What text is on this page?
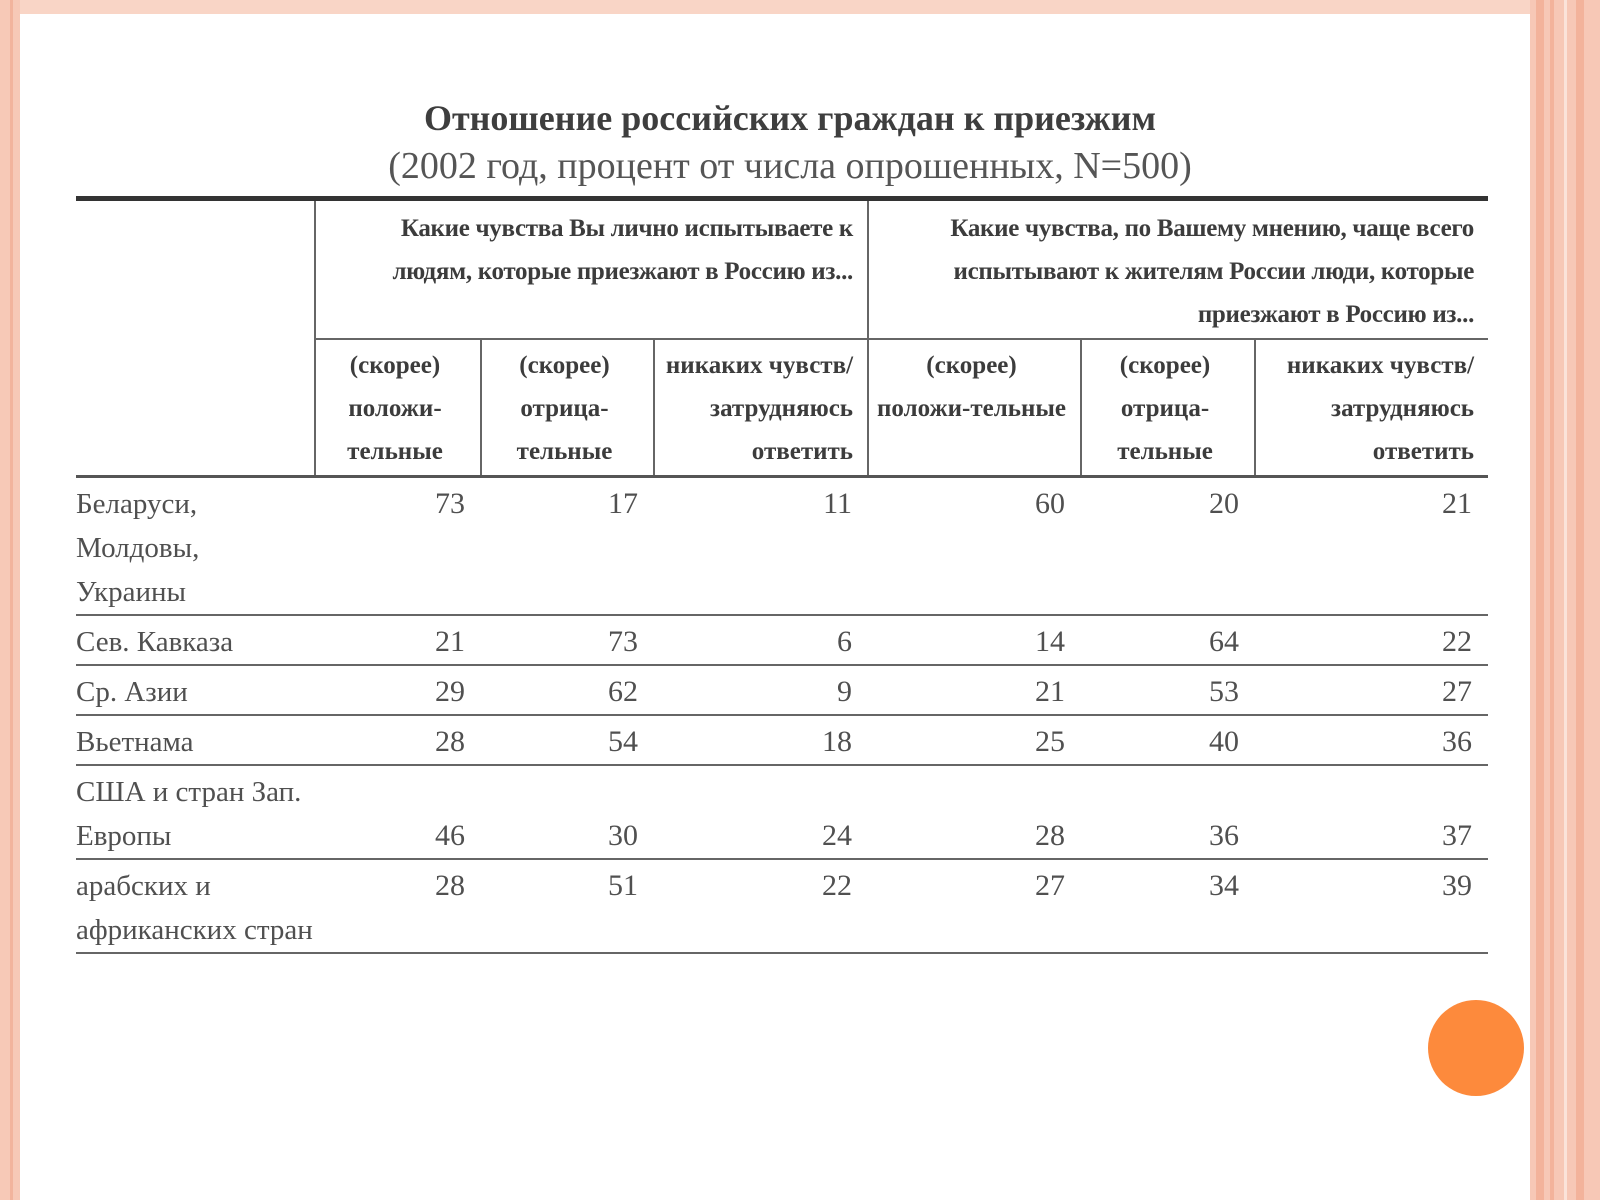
Отношение российских граждан к приезжим
(2002 год, процент от числа опрошенных, N=500)
	Какие чувства Вы лично испытываете к людям, которые приезжают в Россию из...			Какие чувства, по Вашему мнению, чаще всего испытывают к жителям России люди, которые приезжают в Россию из...		
	(скорее) положи-тельные	(скорее) отрица-тельные	никаких чувств/ затрудняюсь ответить	(скорее) положи-тельные	(скорее) отрица-тельные	никаких чувств/ затрудняюсь ответить
Беларуси, Молдовы, Украины	73	17	11	60	20	21
Сев. Кавказа	21	73	6	14	64	22
Ср. Азии	29	62	9	21	53	27
Вьетнама	28	54	18	25	40	36
США и стран Зап. Европы	46	30	24	28	36	37
арабских и африканских стран	28	51	22	27	34	39
